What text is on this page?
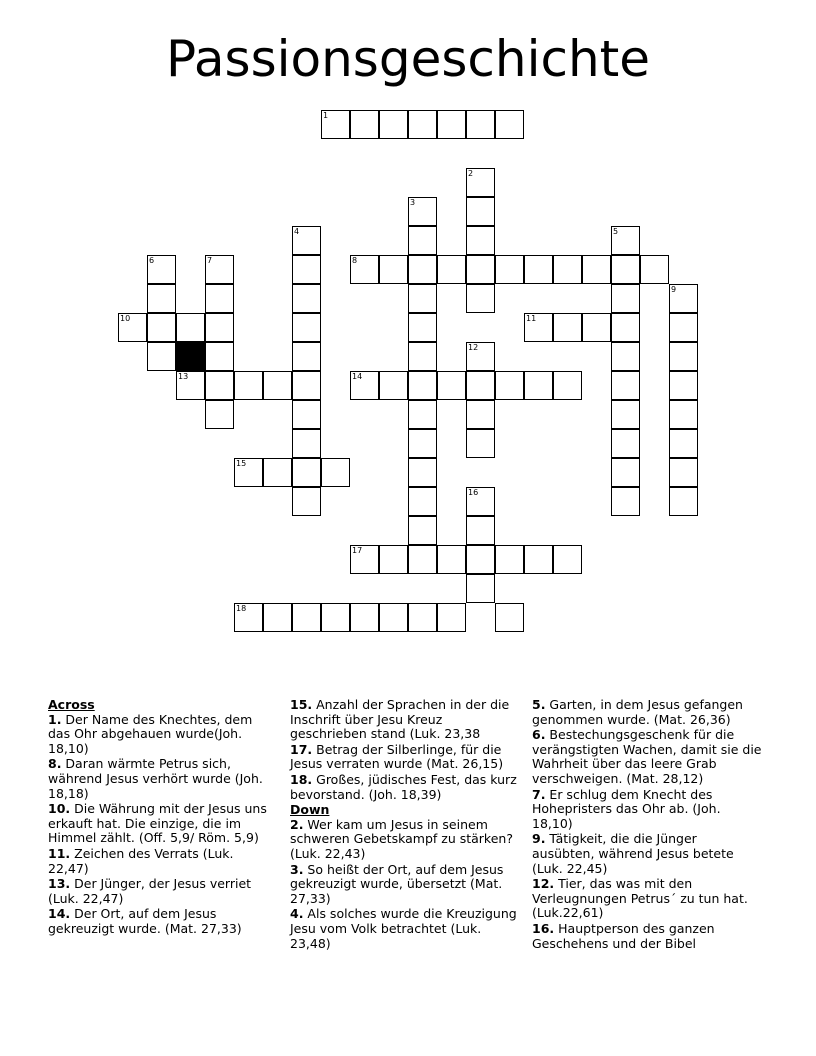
Passionsgeschichte
1
2
3
4	5
6	7	8
9
10	11
12
13	14
15
16
17
18
Across
1. Der Name des Knechtes, dem das Ohr abgehauen wurde(Joh. 18,10)
8. Daran wärmte Petrus sich, während Jesus verhört wurde (Joh. 18,18)
10. Die Währung mit der Jesus uns erkauft hat. Die einzige, die im Himmel zählt. (Off. 5,9/ Röm. 5,9)
11. Zeichen des Verrats (Luk. 22,47)
13. Der Jünger, der Jesus verriet (Luk. 22,47)
14. Der Ort, auf dem Jesus gekreuzigt wurde. (Mat. 27,33)
15. Anzahl der Sprachen in der die Inschrift über Jesu Kreuz geschrieben stand (Luk. 23,38
17. Betrag der Silberlinge, für die Jesus verraten wurde (Mat. 26,15)
18. Großes, jüdisches Fest, das kurz bevorstand. (Joh. 18,39)
Down
2. Wer kam um Jesus in seinem schweren Gebetskampf zu stärken? (Luk. 22,43)
3. So heißt der Ort, auf dem Jesus gekreuzigt wurde, übersetzt (Mat. 27,33)
4. Als solches wurde die Kreuzigung Jesu vom Volk betrachtet (Luk. 23,48)
5. Garten, in dem Jesus gefangen genommen wurde. (Mat. 26,36)
6. Bestechungsgeschenk für die verängstigten Wachen, damit sie die Wahrheit über das leere Grab verschweigen. (Mat. 28,12)
7. Er schlug dem Knecht des Hohepristers das Ohr ab. (Joh. 18,10)
9. Tätigkeit, die die Jünger ausübten, während Jesus betete (Luk. 22,45)
12. Tier, das was mit den Verleugnungen Petrus´ zu tun hat. (Luk.22,61)
16. Hauptperson des ganzen Geschehens und der Bibel
